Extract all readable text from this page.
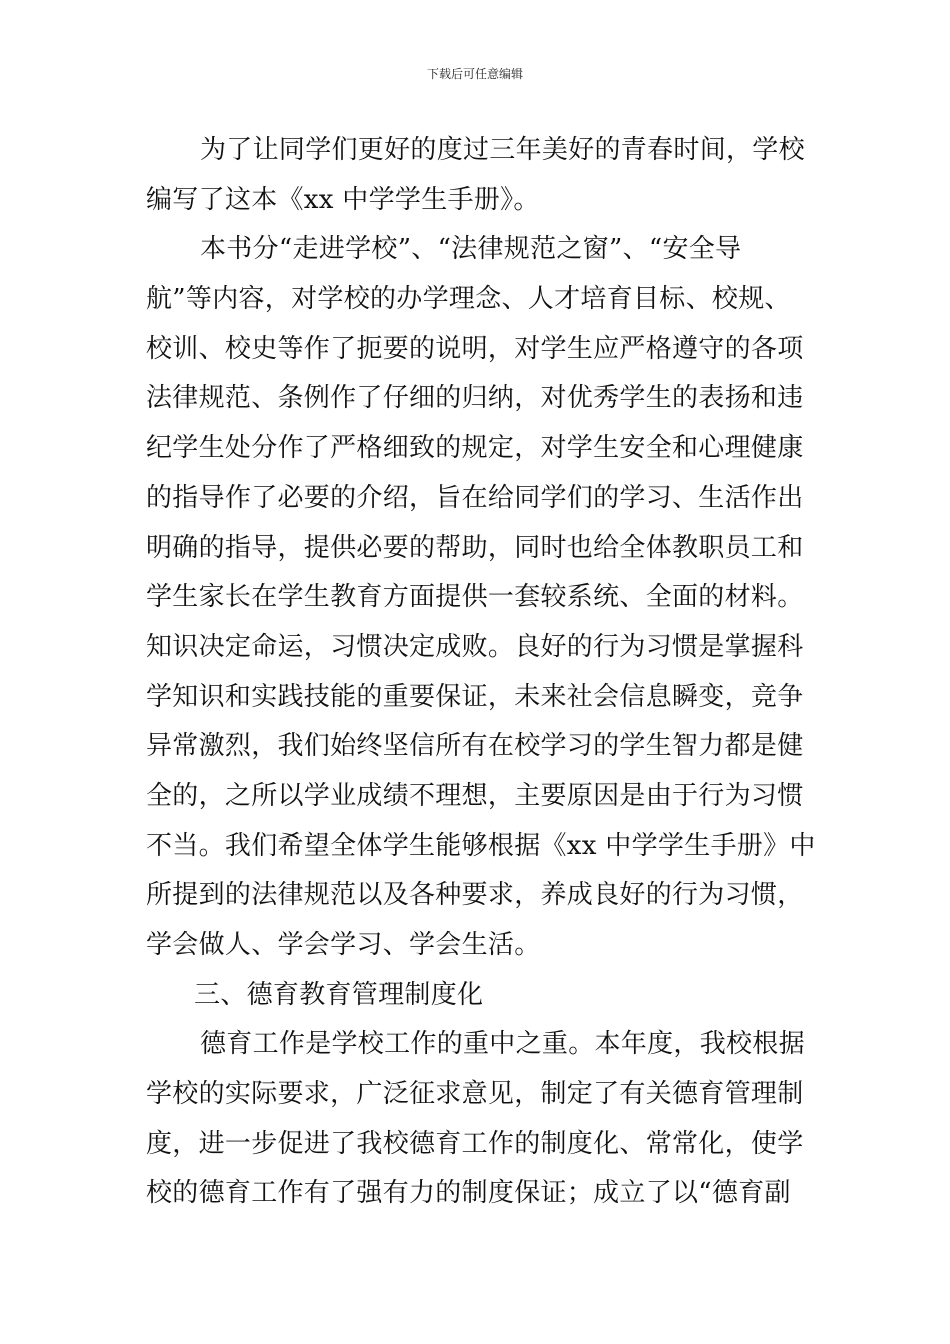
下载后可任意编辑
为了让同学们更好的度过三年美好的青春时间，学校
编写了这本《xx 中学学生手册》。
本书分“走进学校”、“法律规范之窗”、“安全导
航”等内容，对学校的办学理念、人才培育目标、校规、
校训、校史等作了扼要的说明，对学生应严格遵守的各项
法律规范、条例作了仔细的归纳，对优秀学生的表扬和违
纪学生处分作了严格细致的规定，对学生安全和心理健康
的指导作了必要的介绍，旨在给同学们的学习、生活作出
明确的指导，提供必要的帮助，同时也给全体教职员工和
学生家长在学生教育方面提供一套较系统、全面的材料。
知识决定命运，习惯决定成败。良好的行为习惯是掌握科
学知识和实践技能的重要保证，未来社会信息瞬变，竞争
异常激烈，我们始终坚信所有在校学习的学生智力都是健
全的，之所以学业成绩不理想，主要原因是由于行为习惯
不当。我们希望全体学生能够根据《xx 中学学生手册》中
所提到的法律规范以及各种要求，养成良好的行为习惯，
学会做人、学会学习、学会生活。
三、德育教育管理制度化
德育工作是学校工作的重中之重。本年度，我校根据
学校的实际要求，广泛征求意见，制定了有关德育管理制
度，进一步促进了我校德育工作的制度化、常常化，使学
校的德育工作有了强有力的制度保证；成立了以“德育副
